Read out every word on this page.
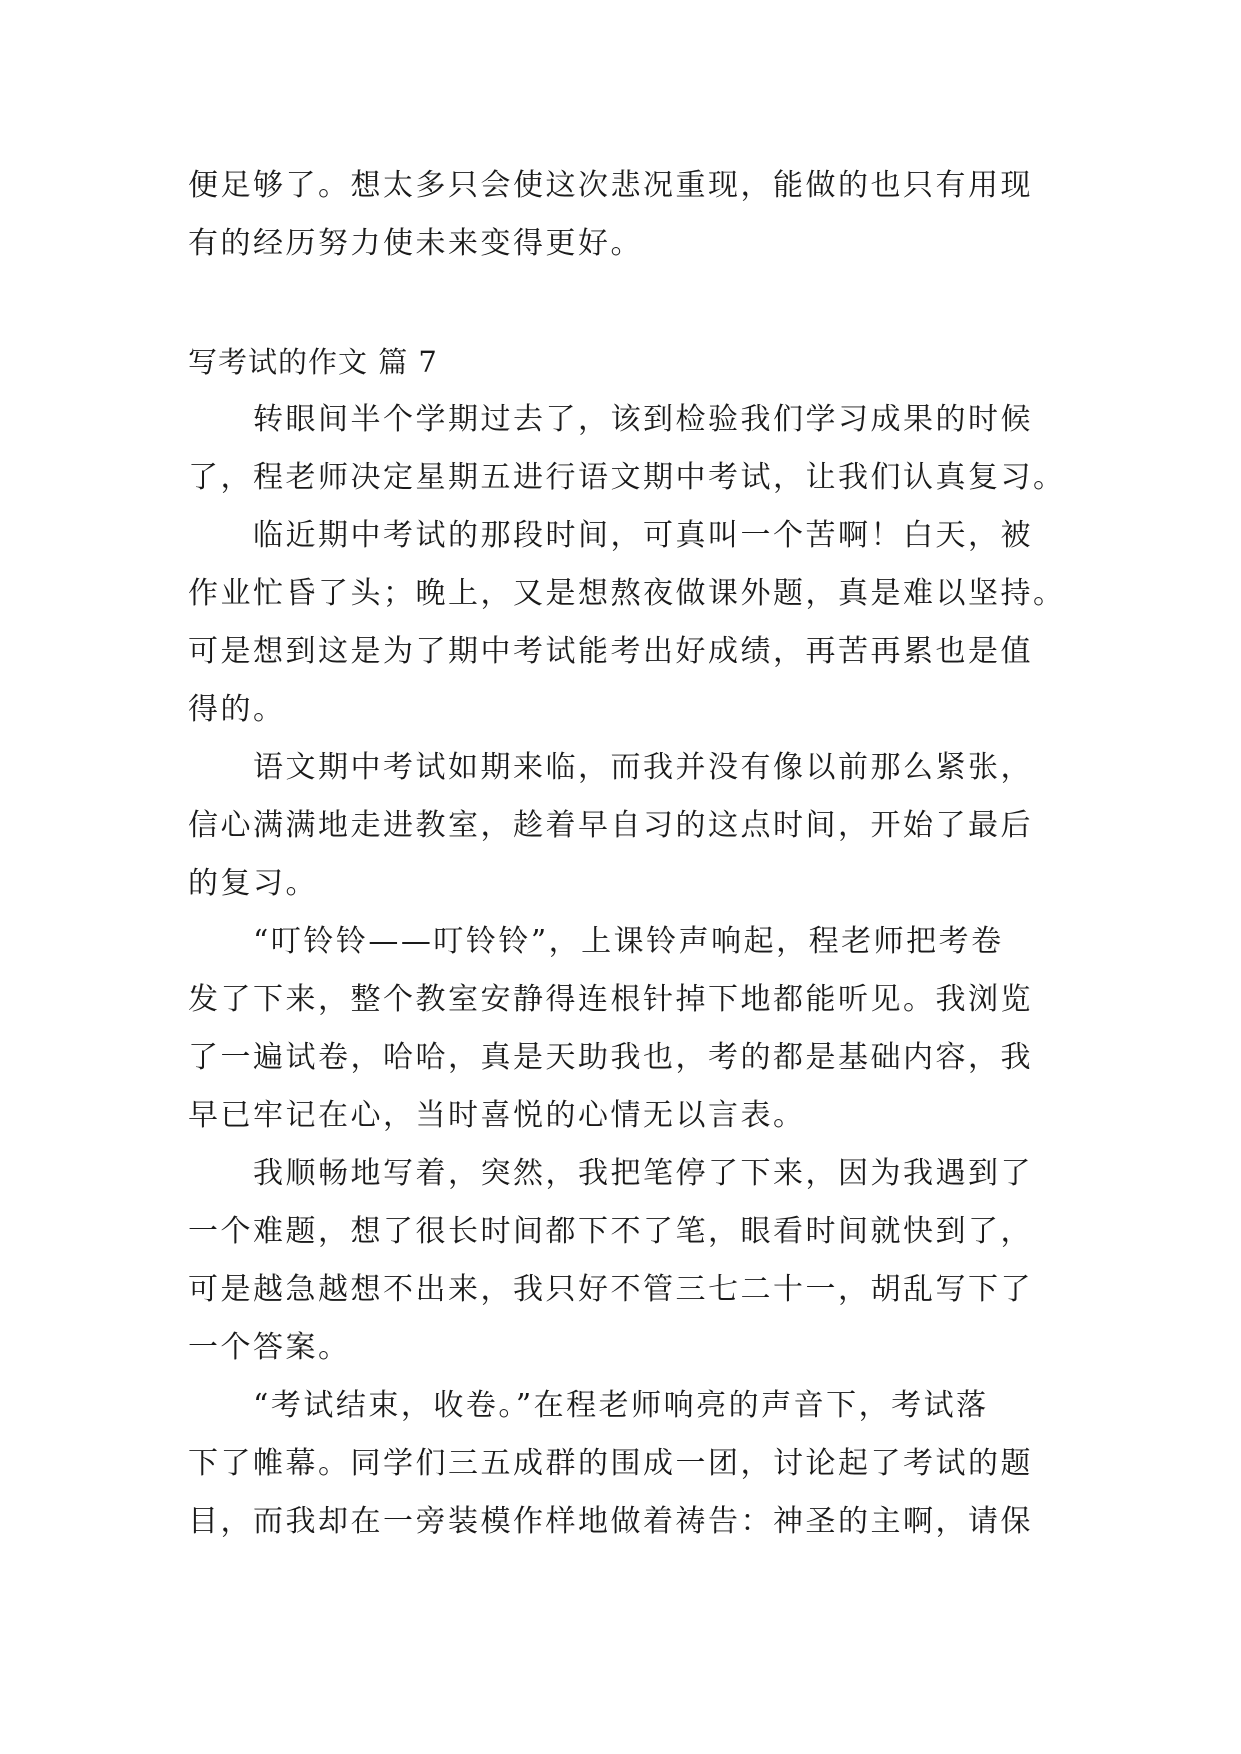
便足够了。想太多只会使这次悲况重现，能做的也只有用现
有的经历努力使未来变得更好。
写考试的作文 篇 7
　　转眼间半个学期过去了，该到检验我们学习成果的时候
了，程老师决定星期五进行语文期中考试，让我们认真复习。
　　临近期中考试的那段时间，可真叫一个苦啊！白天，被
作业忙昏了头；晚上，又是想熬夜做课外题，真是难以坚持。
可是想到这是为了期中考试能考出好成绩，再苦再累也是值
得的。
　　语文期中考试如期来临，而我并没有像以前那么紧张，
信心满满地走进教室，趁着早自习的这点时间，开始了最后
的复习。
　　“叮铃铃——叮铃铃”，上课铃声响起，程老师把考卷
发了下来，整个教室安静得连根针掉下地都能听见。我浏览
了一遍试卷，哈哈，真是天助我也，考的都是基础内容，我
早已牢记在心，当时喜悦的心情无以言表。
　　我顺畅地写着，突然，我把笔停了下来，因为我遇到了
一个难题，想了很长时间都下不了笔，眼看时间就快到了，
可是越急越想不出来，我只好不管三七二十一，胡乱写下了
一个答案。
　　“考试结束，收卷。”在程老师响亮的声音下，考试落
下了帷幕。同学们三五成群的围成一团，讨论起了考试的题
目，而我却在一旁装模作样地做着祷告：神圣的主啊，请保
